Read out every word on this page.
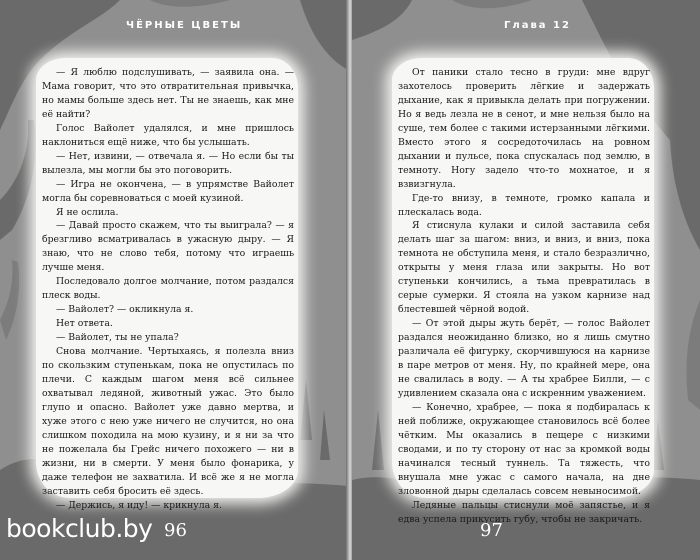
ЧЁРНЫЕ ЦВЕТЫ

— Я люблю подслушивать, — заявила она. — Мама говорит, что это отвратительная привычка, но мамы больше здесь нет. Ты не знаешь, как мне её найти?

Голос Вайолет удалялся, и мне пришлось наклониться ещё ниже, что бы услышать.

— Нет, извини, — отвечала я. — Но если бы ты вылезла, мы могли бы это поговорить.

— Игра не окончена, — в упрямстве Вайолет могла бы соревноваться с моей кузиной.

Я не ослила.

— Давай просто скажем, что ты выиграла? — я брезгливо всматривалась в ужасную дыру. — Я знаю, что не слово тебя, потому что играешь лучше меня.

Последовало долгое молчание, потом раздался плеск воды.

— Вайолет? — окликнула я.

Нет ответа.

— Вайолет, ты не упала?

Снова молчание. Чертыхаясь, я полезла вниз по скользким ступенькам, пока не опустилась по плечи. С каждым шагом меня всё сильнее охватывал ледяной, животный ужас. Это было глупо и опасно. Вайолет уже давно мертва, и хуже этого с нею уже ничего не случится, но она слишком походила на мою кузину, и я ни за что не пожелала бы Грейс ничего похожего — ни в жизни, ни в смерти. У меня было фонарика, у даже телефон не захватила. И всё же я не могла заставить себя бросить её здесь.

— Держись, я иду! — крикнула я.

96
bookclub.by
Глава 12

От паники стало тесно в груди: мне вдруг захотелось проверить лёгкие и задержать дыхание, как я привыкла делать при погружении. Но я ведь лезла не в сенот, и мне нельзя было на суше, тем более с такими истерзанными лёгкими. Вместо этого я сосредоточилась на ровном дыхании и пульсе, пока спускалась под землю, в темноту. Ногу задело что-то мохнатое, и я взвизгнула.

Где-то внизу, в темноте, громко капала и плескалась вода.

Я стиснула кулаки и силой заставила себя делать шаг за шагом: вниз, и вниз, и вниз, пока темнота не обступила меня, и стало безразлично, открыты у меня глаза или закрыты. Но вот ступеньки кончились, а тьма превратилась в серые сумерки. Я стояла на узком карнизе над блестевшей чёрной водой.

— От этой дыры жуть берёт, — голос Вайолет раздался неожиданно близко, но я лишь смутно различала её фигурку, скорчившуюся на карнизе в паре метров от меня. Ну, по крайней мере, она не свалилась в воду. — А ты храбрее Билли, — с удивлением сказала она с искренним уважением.

— Конечно, храбрее, — пока я подбиралась к ней поближе, окружающее становилось всё более чётким. Мы оказались в пещере с низкими сводами, и по ту сторону от нас за кромкой воды начинался тесный туннель. Та тяжесть, что внушала мне ужас с самого начала, на дне зловонной дыры сделалась совсем невыносимой.

Ледяные пальцы стиснули моё запястье, и я едва успела прикусить губу, чтобы не закричать.

97
